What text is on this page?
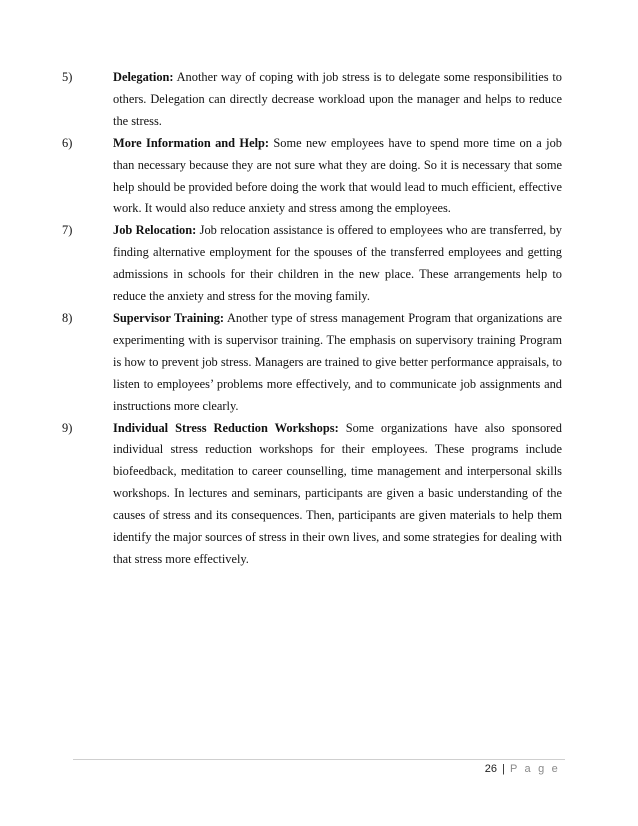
5)	Delegation: Another way of coping with job stress is to delegate some responsibilities to others. Delegation can directly decrease workload upon the manager and helps to reduce the stress.

6)	More Information and Help: Some new employees have to spend more time on a job than necessary because they are not sure what they are doing. So it is necessary that some help should be provided before doing the work that would lead to much efficient, effective work. It would also reduce anxiety and stress among the employees.

7)	Job Relocation: Job relocation assistance is offered to employees who are transferred, by finding alternative employment for the spouses of the transferred employees and getting admissions in schools for their children in the new place. These arrangements help to reduce the anxiety and stress for the moving family.

8)	Supervisor Training: Another type of stress management Program that organizations are experimenting with is supervisor training. The emphasis on supervisory training Program is how to prevent job stress. Managers are trained to give better performance appraisals, to listen to employees’ problems more effectively, and to communicate job assignments and instructions more clearly.

9)	Individual Stress Reduction Workshops: Some organizations have also sponsored individual stress reduction workshops for their employees. These programs include biofeedback, meditation to career counselling, time management and interpersonal skills workshops. In lectures and seminars, participants are given a basic understanding of the causes of stress and its consequences. Then, participants are given materials to help them identify the major sources of stress in their own lives, and some strategies for dealing with that stress more effectively.

26 | P a g e
